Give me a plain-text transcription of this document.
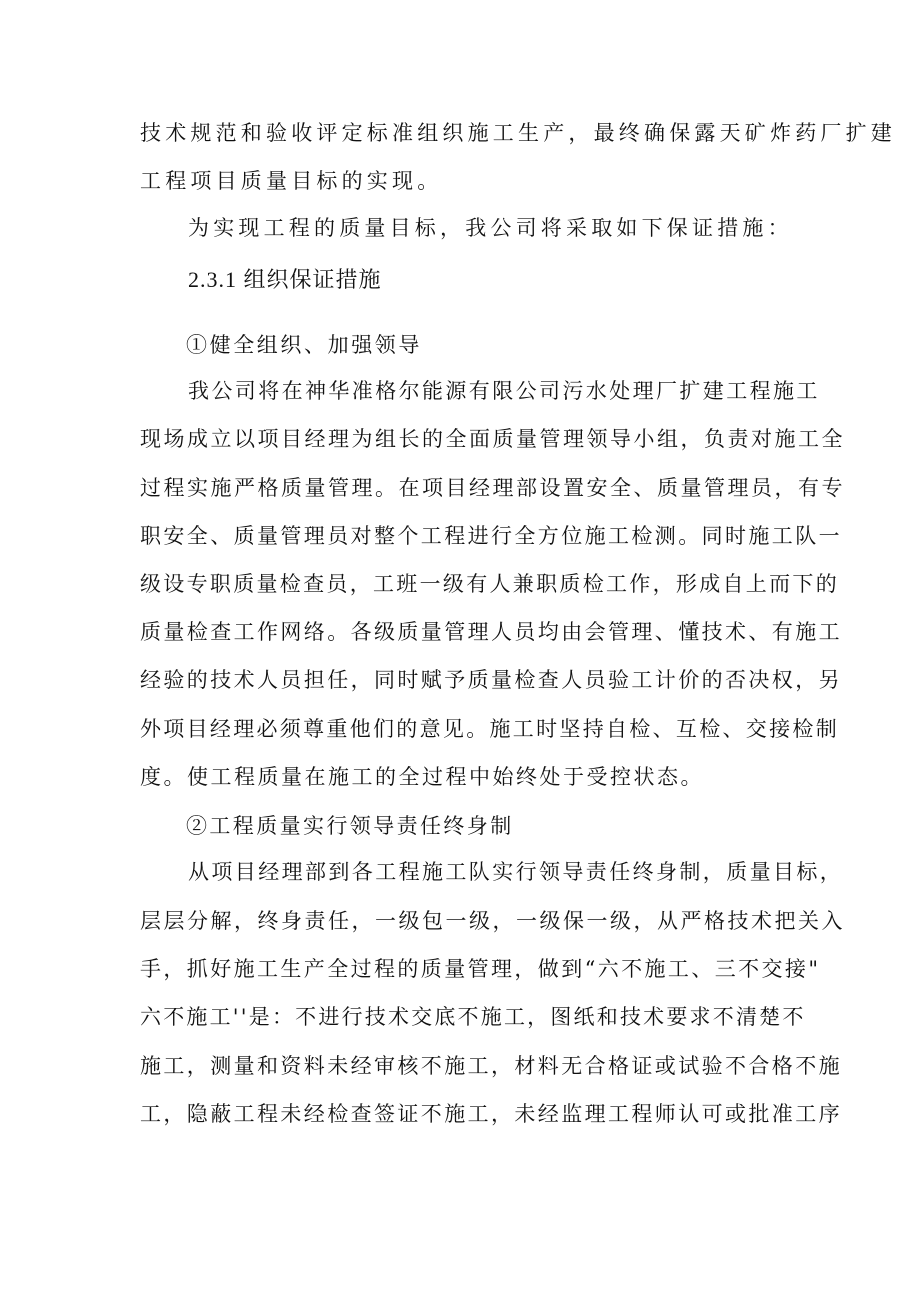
技术规范和验收评定标准组织施工生产，最终确保露天矿炸药厂扩建
工程项目质量目标的实现。
为实现工程的质量目标，我公司将采取如下保证措施：
2.3.1 组织保证措施
①健全组织、加强领导
我公司将在神华准格尔能源有限公司污水处理厂扩建工程施工
现场成立以项目经理为组长的全面质量管理领导小组，负责对施工全
过程实施严格质量管理。在项目经理部设置安全、质量管理员，有专
职安全、质量管理员对整个工程进行全方位施工检测。同时施工队一
级设专职质量检查员，工班一级有人兼职质检工作，形成自上而下的
质量检查工作网络。各级质量管理人员均由会管理、懂技术、有施工
经验的技术人员担任，同时赋予质量检查人员验工计价的否决权，另
外项目经理必须尊重他们的意见。施工时坚持自检、互检、交接检制
度。使工程质量在施工的全过程中始终处于受控状态。
②工程质量实行领导责任终身制
从项目经理部到各工程施工队实行领导责任终身制，质量目标，
层层分解，终身责任，一级包一级，一级保一级，从严格技术把关入
手，抓好施工生产全过程的质量管理，做到“六不施工、三不交接"
六不施工''是：不进行技术交底不施工，图纸和技术要求不清楚不
施工，测量和资料未经审核不施工，材料无合格证或试验不合格不施
工，隐蔽工程未经检查签证不施工，未经监理工程师认可或批准工序
